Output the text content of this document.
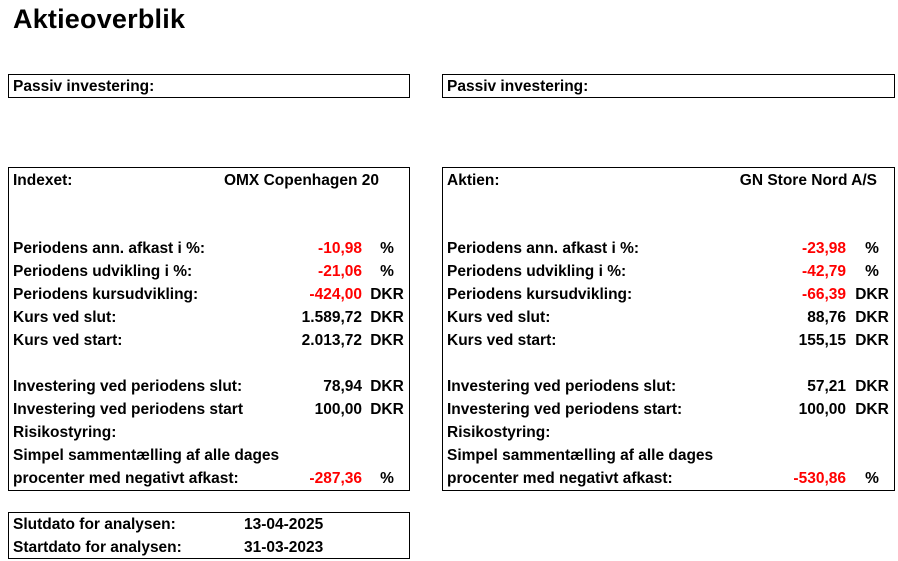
Aktieoverblik
Passiv investering:	Passiv investering:
Indexet:	OMX Copenhagen 20
Periodens ann. afkast i %:	-10,98	%
Periodens udvikling i %:	-21,06	%
Periodens kursudvikling:	-424,00 DKR
Kurs ved slut:	1.589,72 DKR
Kurs ved start:	2.013,72 DKR
Investering ved periodens slut:	78,94 DKR
Investering ved periodens start	100,00 DKR
Risikostyring:
Simpel sammentælling af alle dages
procenter med negativt afkast:	-287,36	%
Aktien:	GN Store Nord A/S
Periodens ann. afkast i %:	-23,98	%
Periodens udvikling i %:	-42,79	%
Periodens kursudvikling:	-66,39 DKR
Kurs ved slut:	88,76 DKR
Kurs ved start:	155,15 DKR
Investering ved periodens slut:	57,21 DKR
Investering ved periodens start:	100,00 DKR
Risikostyring:
Simpel sammentælling af alle dages
procenter med negativt afkast:	-530,86	%
Slutdato for analysen:	13-04-2025
Startdato for analysen:	31-03-2023
